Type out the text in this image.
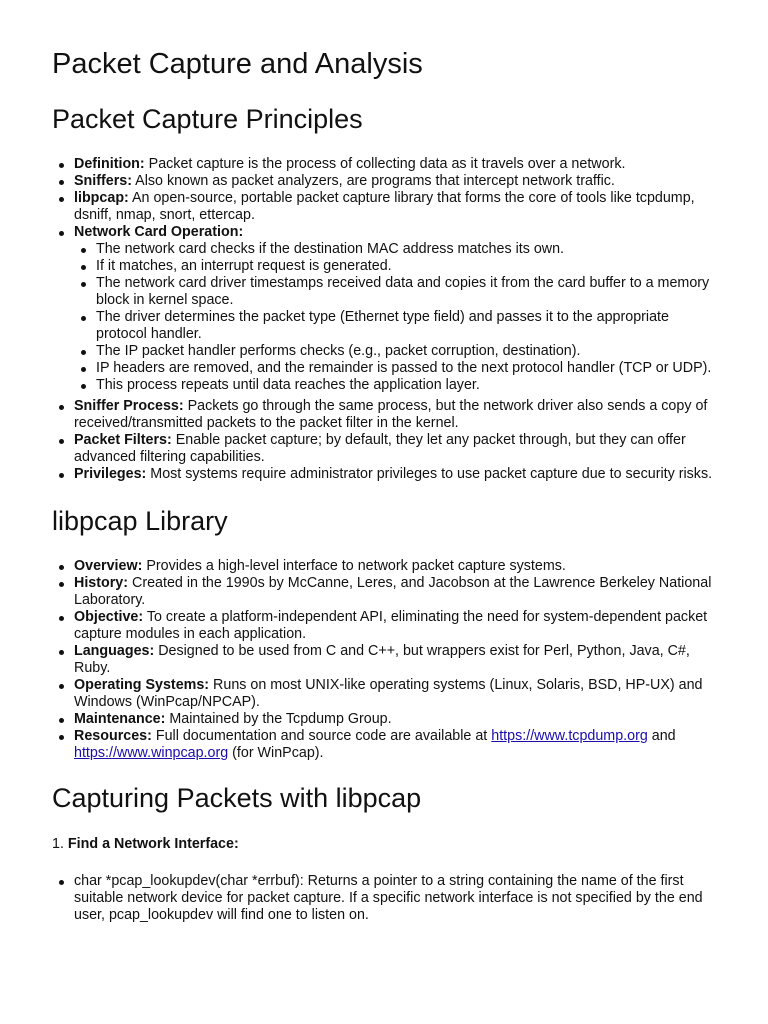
Packet Capture and Analysis
Packet Capture Principles
Definition: Packet capture is the process of collecting data as it travels over a network.
Sniffers: Also known as packet analyzers, are programs that intercept network traffic.
libpcap: An open-source, portable packet capture library that forms the core of tools like tcpdump, dsniff, nmap, snort, ettercap.
Network Card Operation:
The network card checks if the destination MAC address matches its own.
If it matches, an interrupt request is generated.
The network card driver timestamps received data and copies it from the card buffer to a memory block in kernel space.
The driver determines the packet type (Ethernet type field) and passes it to the appropriate protocol handler.
The IP packet handler performs checks (e.g., packet corruption, destination).
IP headers are removed, and the remainder is passed to the next protocol handler (TCP or UDP).
This process repeats until data reaches the application layer.
Sniffer Process: Packets go through the same process, but the network driver also sends a copy of received/transmitted packets to the packet filter in the kernel.
Packet Filters: Enable packet capture; by default, they let any packet through, but they can offer advanced filtering capabilities.
Privileges: Most systems require administrator privileges to use packet capture due to security risks.
libpcap Library
Overview: Provides a high-level interface to network packet capture systems.
History: Created in the 1990s by McCanne, Leres, and Jacobson at the Lawrence Berkeley National Laboratory.
Objective: To create a platform-independent API, eliminating the need for system-dependent packet capture modules in each application.
Languages: Designed to be used from C and C++, but wrappers exist for Perl, Python, Java, C#, Ruby.
Operating Systems: Runs on most UNIX-like operating systems (Linux, Solaris, BSD, HP-UX) and Windows (WinPcap/NPCAP).
Maintenance: Maintained by the Tcpdump Group.
Resources: Full documentation and source code are available at https://www.tcpdump.org and https://www.winpcap.org (for WinPcap).
Capturing Packets with libpcap
1. Find a Network Interface:
char *pcap_lookupdev(char *errbuf): Returns a pointer to a string containing the name of the first suitable network device for packet capture. If a specific network interface is not specified by the end user, pcap_lookupdev will find one to listen on.
